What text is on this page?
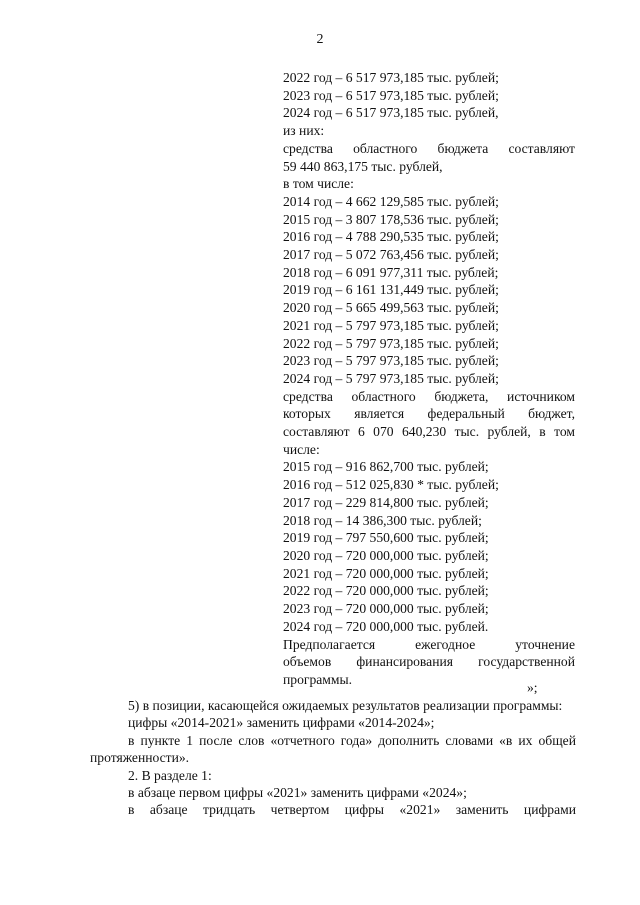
2
2022 год – 6 517 973,185 тыс. рублей;
2023 год – 6 517 973,185 тыс. рублей;
2024 год – 6 517 973,185 тыс. рублей,
из них:
средства областного бюджета составляют
59 440 863,175 тыс. рублей,
в том числе:
2014 год – 4 662 129,585 тыс. рублей;
2015 год – 3 807 178,536 тыс. рублей;
2016 год – 4 788 290,535 тыс. рублей;
2017 год – 5 072 763,456 тыс. рублей;
2018 год – 6 091 977,311 тыс. рублей;
2019 год – 6 161 131,449 тыс. рублей;
2020 год – 5 665 499,563 тыс. рублей;
2021 год – 5 797 973,185 тыс. рублей;
2022 год – 5 797 973,185 тыс. рублей;
2023 год – 5 797 973,185 тыс. рублей;
2024 год – 5 797 973,185 тыс. рублей;
средства областного бюджета, источником
которых является федеральный бюджет,
составляют 6 070 640,230 тыс. рублей, в том
числе:
2015 год – 916 862,700 тыс. рублей;
2016 год – 512 025,830 * тыс. рублей;
2017 год – 229 814,800 тыс. рублей;
2018 год – 14 386,300 тыс. рублей;
2019 год – 797 550,600 тыс. рублей;
2020 год – 720 000,000 тыс. рублей;
2021 год – 720 000,000 тыс. рублей;
2022 год – 720 000,000 тыс. рублей;
2023 год – 720 000,000 тыс. рублей;
2024 год – 720 000,000 тыс. рублей.
Предполагается ежегодное уточнение
объемов финансирования государственной
программы.
»;
5) в позиции, касающейся ожидаемых результатов реализации программы:
цифры «2014-2021» заменить цифрами «2014-2024»;
в пункте 1 после слов «отчетного года» дополнить словами «в их общей протяженности».
2. В разделе 1:
в абзаце первом цифры «2021» заменить цифрами «2024»;
в абзаце тридцать четвертом цифры «2021» заменить цифрами
